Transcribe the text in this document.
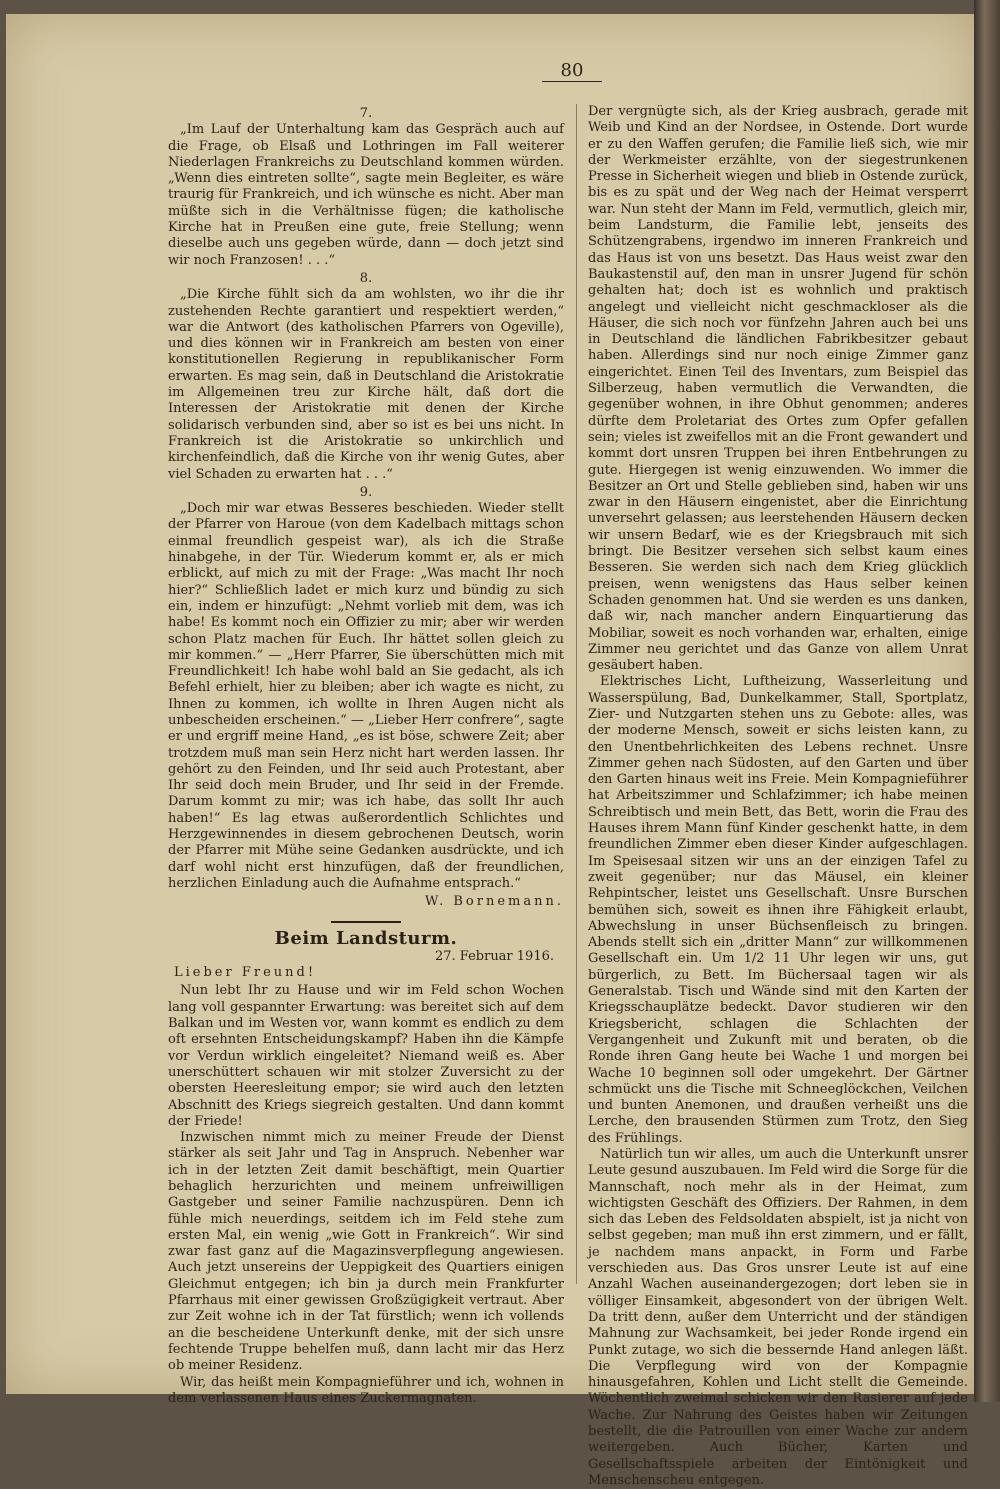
80
7.

„Im Lauf der Unterhaltung kam das Gespräch auch auf die Frage, ob Elsaß und Lothringen im Fall weiterer Niederlagen Frankreichs zu Deutschland kommen würden. „Wenn dies eintreten sollte“, sagte mein Begleiter, es wäre traurig für Frankreich, und ich wünsche es nicht. Aber man müßte sich in die Verhältnisse fügen; die katholische Kirche hat in Preußen eine gute, freie Stellung; wenn dieselbe auch uns gegeben würde, dann — doch jetzt sind wir noch Franzosen! . . .“

8.

„Die Kirche fühlt sich da am wohlsten, wo ihr die ihr zustehenden Rechte garantiert und respektiert werden,“ war die Antwort (des katholischen Pfarrers von Ogeville), und dies können wir in Frankreich am besten von einer konstitutionellen Regierung in republikanischer Form erwarten. Es mag sein, daß in Deutschland die Aristokratie im Allgemeinen treu zur Kirche hält, daß dort die Interessen der Aristokratie mit denen der Kirche solidarisch verbunden sind, aber so ist es bei uns nicht. In Frankreich ist die Aristokratie so unkirchlich und kirchenfeindlich, daß die Kirche von ihr wenig Gutes, aber viel Schaden zu erwarten hat . . .“

9.

„Doch mir war etwas Besseres beschieden. Wieder stellt der Pfarrer von Haroue (von dem Kadelbach mittags schon einmal freundlich gespeist war), als ich die Straße hinabgehe, in der Tür. Wiederum kommt er, als er mich erblickt, auf mich zu mit der Frage: „Was macht Ihr noch hier?“ Schließlich ladet er mich kurz und bündig zu sich ein, indem er hinzufügt: „Nehmt vorlieb mit dem, was ich habe! Es kommt noch ein Offizier zu mir; aber wir werden schon Platz machen für Euch. Ihr hättet sollen gleich zu mir kommen.“ — „Herr Pfarrer, Sie überschütten mich mit Freundlichkeit! Ich habe wohl bald an Sie gedacht, als ich Befehl erhielt, hier zu bleiben; aber ich wagte es nicht, zu Ihnen zu kommen, ich wollte in Ihren Augen nicht als unbescheiden erscheinen.“ — „Lieber Herr confrere“, sagte er und ergriff meine Hand, „es ist böse, schwere Zeit; aber trotzdem muß man sein Herz nicht hart werden lassen. Ihr gehört zu den Feinden, und Ihr seid auch Protestant, aber Ihr seid doch mein Bruder, und Ihr seid in der Fremde. Darum kommt zu mir; was ich habe, das sollt Ihr auch haben!“ Es lag etwas außerordentlich Schlichtes und Herzgewinnendes in diesem gebrochenen Deutsch, worin der Pfarrer mit Mühe seine Gedanken ausdrückte, und ich darf wohl nicht erst hinzufügen, daß der freundlichen, herzlichen Einladung auch die Aufnahme entsprach.“

W. Bornemann.

Beim Landsturm.

27. Februar 1916.

Lieber Freund!

Nun lebt Ihr zu Hause und wir im Feld schon Wochen lang voll gespannter Erwartung: was bereitet sich auf dem Balkan und im Westen vor, wann kommt es endlich zu dem oft ersehnten Entscheidungskampf? Haben ihn die Kämpfe vor Verdun wirklich eingeleitet? Niemand weiß es. Aber unerschüttert schauen wir mit stolzer Zuversicht zu der obersten Heeresleitung empor; sie wird auch den letzten Abschnitt des Kriegs siegreich gestalten. Und dann kommt der Friede!

Inzwischen nimmt mich zu meiner Freude der Dienst stärker als seit Jahr und Tag in Anspruch. Nebenher war ich in der letzten Zeit damit beschäftigt, mein Quartier behaglich herzurichten und meinem unfreiwilligen Gastgeber und seiner Familie nachzuspüren. Denn ich fühle mich neuerdings, seitdem ich im Feld stehe zum ersten Mal, ein wenig „wie Gott in Frankreich“. Wir sind zwar fast ganz auf die Magazinsverpflegung angewiesen. Auch jetzt unsereins der Ueppigkeit des Quartiers einigen Gleichmut entgegen; ich bin ja durch mein Frankfurter Pfarrhaus mit einer gewissen Großzügigkeit vertraut. Aber zur Zeit wohne ich in der Tat fürstlich; wenn ich vollends an die bescheidene Unterkunft denke, mit der sich unsre fechtende Truppe behelfen muß, dann lacht mir das Herz ob meiner Residenz.

Wir, das heißt mein Kompagnieführer und ich, wohnen in dem verlassenen Haus eines Zuckermagnaten.

Der vergnügte sich, als der Krieg ausbrach, gerade mit Weib und Kind an der Nordsee, in Ostende. Dort wurde er zu den Waffen gerufen; die Familie ließ sich, wie mir der Werkmeister erzählte, von der siegestrunkenen Presse in Sicherheit wiegen und blieb in Ostende zurück, bis es zu spät und der Weg nach der Heimat versperrt war. Nun steht der Mann im Feld, vermutlich, gleich mir, beim Landsturm, die Familie lebt, jenseits des Schützengrabens, irgendwo im inneren Frankreich und das Haus ist von uns besetzt. Das Haus weist zwar den Baukastenstil auf, den man in unsrer Jugend für schön gehalten hat; doch ist es wohnlich und praktisch angelegt und vielleicht nicht geschmackloser als die Häuser, die sich noch vor fünfzehn Jahren auch bei uns in Deutschland die ländlichen Fabrikbesitzer gebaut haben. Allerdings sind nur noch einige Zimmer ganz eingerichtet. Einen Teil des Inventars, zum Beispiel das Silberzeug, haben vermutlich die Verwandten, die gegenüber wohnen, in ihre Obhut genommen; anderes dürfte dem Proletariat des Ortes zum Opfer gefallen sein; vieles ist zweifellos mit an die Front gewandert und kommt dort unsren Truppen bei ihren Entbehrungen zu gute. Hiergegen ist wenig einzuwenden. Wo immer die Besitzer an Ort und Stelle geblieben sind, haben wir uns zwar in den Häusern eingenistet, aber die Einrichtung unversehrt gelassen; aus leerstehenden Häusern decken wir unsern Bedarf, wie es der Kriegsbrauch mit sich bringt. Die Besitzer versehen sich selbst kaum eines Besseren. Sie werden sich nach dem Krieg glücklich preisen, wenn wenigstens das Haus selber keinen Schaden genommen hat. Und sie werden es uns danken, daß wir, nach mancher andern Einquartierung das Mobiliar, soweit es noch vorhanden war, erhalten, einige Zimmer neu gerichtet und das Ganze von allem Unrat gesäubert haben.

Elektrisches Licht, Luftheizung, Wasserleitung und Wasserspülung, Bad, Dunkelkammer, Stall, Sportplatz, Zier- und Nutzgarten stehen uns zu Gebote: alles, was der moderne Mensch, soweit er sichs leisten kann, zu den Unentbehrlichkeiten des Lebens rechnet. Unsre Zimmer gehen nach Südosten, auf den Garten und über den Garten hinaus weit ins Freie. Mein Kompagnieführer hat Arbeitszimmer und Schlafzimmer; ich habe meinen Schreibtisch und mein Bett, das Bett, worin die Frau des Hauses ihrem Mann fünf Kinder geschenkt hatte, in dem freundlichen Zimmer eben dieser Kinder aufgeschlagen. Im Speisesaal sitzen wir uns an der einzigen Tafel zu zweit gegenüber; nur das Mäusel, ein kleiner Rehpintscher, leistet uns Gesellschaft. Unsre Burschen bemühen sich, soweit es ihnen ihre Fähigkeit erlaubt, Abwechslung in unser Büchsenfleisch zu bringen. Abends stellt sich ein „dritter Mann“ zur willkommenen Gesellschaft ein. Um 1/2 11 Uhr legen wir uns, gut bürgerlich, zu Bett. Im Büchersaal tagen wir als Generalstab. Tisch und Wände sind mit den Karten der Kriegsschauplätze bedeckt. Davor studieren wir den Kriegsbericht, schlagen die Schlachten der Vergangenheit und Zukunft mit und beraten, ob die Ronde ihren Gang heute bei Wache 1 und morgen bei Wache 10 beginnen soll oder umgekehrt. Der Gärtner schmückt uns die Tische mit Schneeglöckchen, Veilchen und bunten Anemonen, und draußen verheißt uns die Lerche, den brausenden Stürmen zum Trotz, den Sieg des Frühlings.

Natürlich tun wir alles, um auch die Unterkunft unsrer Leute gesund auszubauen. Im Feld wird die Sorge für die Mannschaft, noch mehr als in der Heimat, zum wichtigsten Geschäft des Offiziers. Der Rahmen, in dem sich das Leben des Feldsoldaten abspielt, ist ja nicht von selbst gegeben; man muß ihn erst zimmern, und er fällt, je nachdem mans anpackt, in Form und Farbe verschieden aus. Das Gros unsrer Leute ist auf eine Anzahl Wachen auseinandergezogen; dort leben sie in völliger Einsamkeit, abgesondert von der übrigen Welt. Da tritt denn, außer dem Unterricht und der ständigen Mahnung zur Wachsamkeit, bei jeder Ronde irgend ein Punkt zutage, wo sich die bessernde Hand anlegen läßt. Die Verpflegung wird von der Kompagnie hinausgefahren, Kohlen und Licht stellt die Gemeinde. Wöchentlich zweimal schicken wir den Rasierer auf jede Wache. Zur Nahrung des Geistes haben wir Zeitungen bestellt, die die Patrouillen von einer Wache zur andern weitergeben. Auch Bücher, Karten und Gesellschaftsspiele arbeiten der Eintönigkeit und Menschenscheu entgegen.
